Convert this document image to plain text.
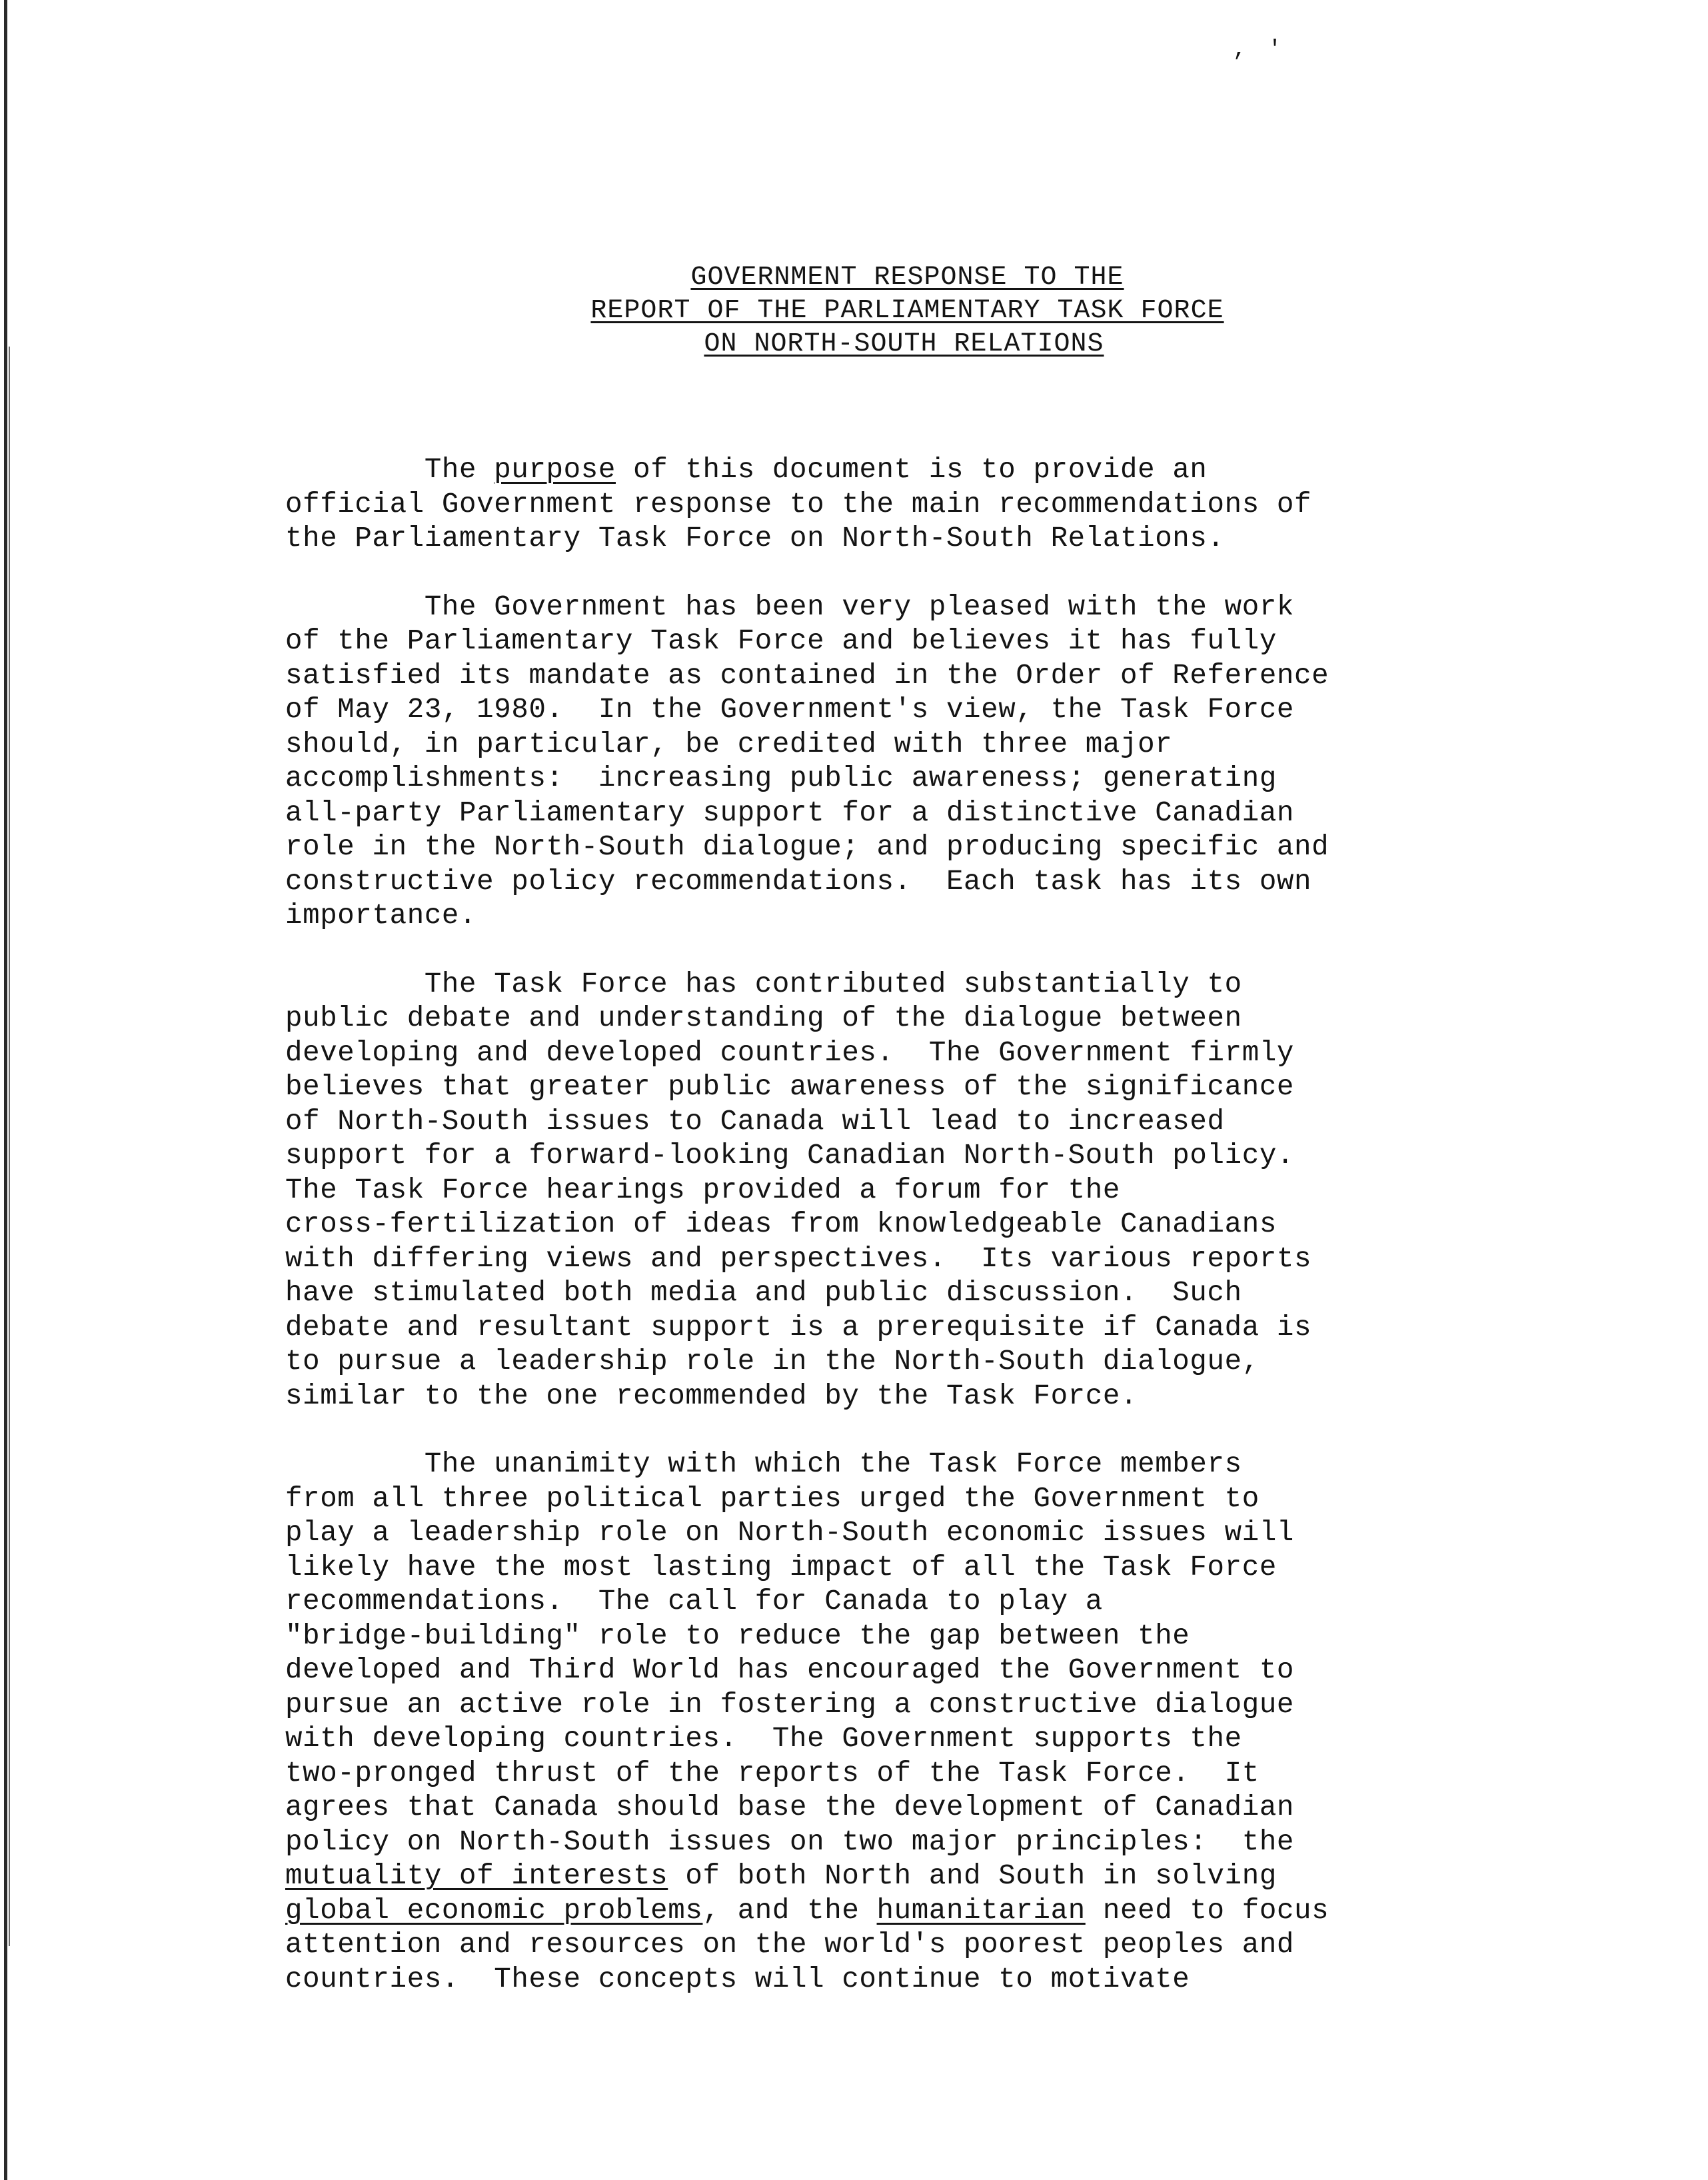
, '
GOVERNMENT RESPONSE TO THE
REPORT OF THE PARLIAMENTARY TASK FORCE
ON NORTH-SOUTH RELATIONS
The purpose of this document is to provide an
official Government response to the main recommendations of
the Parliamentary Task Force on North-South Relations.
The Government has been very pleased with the work
of the Parliamentary Task Force and believes it has fully
satisfied its mandate as contained in the Order of Reference
of May 23, 1980.  In the Government's view, the Task Force
should, in particular, be credited with three major
accomplishments:  increasing public awareness; generating
all-party Parliamentary support for a distinctive Canadian
role in the North-South dialogue; and producing specific and
constructive policy recommendations.  Each task has its own
importance.
The Task Force has contributed substantially to
public debate and understanding of the dialogue between
developing and developed countries.  The Government firmly
believes that greater public awareness of the significance
of North-South issues to Canada will lead to increased
support for a forward-looking Canadian North-South policy.
The Task Force hearings provided a forum for the
cross-fertilization of ideas from knowledgeable Canadians
with differing views and perspectives.  Its various reports
have stimulated both media and public discussion.  Such
debate and resultant support is a prerequisite if Canada is
to pursue a leadership role in the North-South dialogue,
similar to the one recommended by the Task Force.
The unanimity with which the Task Force members
from all three political parties urged the Government to
play a leadership role on North-South economic issues will
likely have the most lasting impact of all the Task Force
recommendations.  The call for Canada to play a
"bridge-building" role to reduce the gap between the
developed and Third World has encouraged the Government to
pursue an active role in fostering a constructive dialogue
with developing countries.  The Government supports the
two-pronged thrust of the reports of the Task Force.  It
agrees that Canada should base the development of Canadian
policy on North-South issues on two major principles:  the
mutuality of interests of both North and South in solving
global economic problems, and the humanitarian need to focus
attention and resources on the world's poorest peoples and
countries.  These concepts will continue to motivate
